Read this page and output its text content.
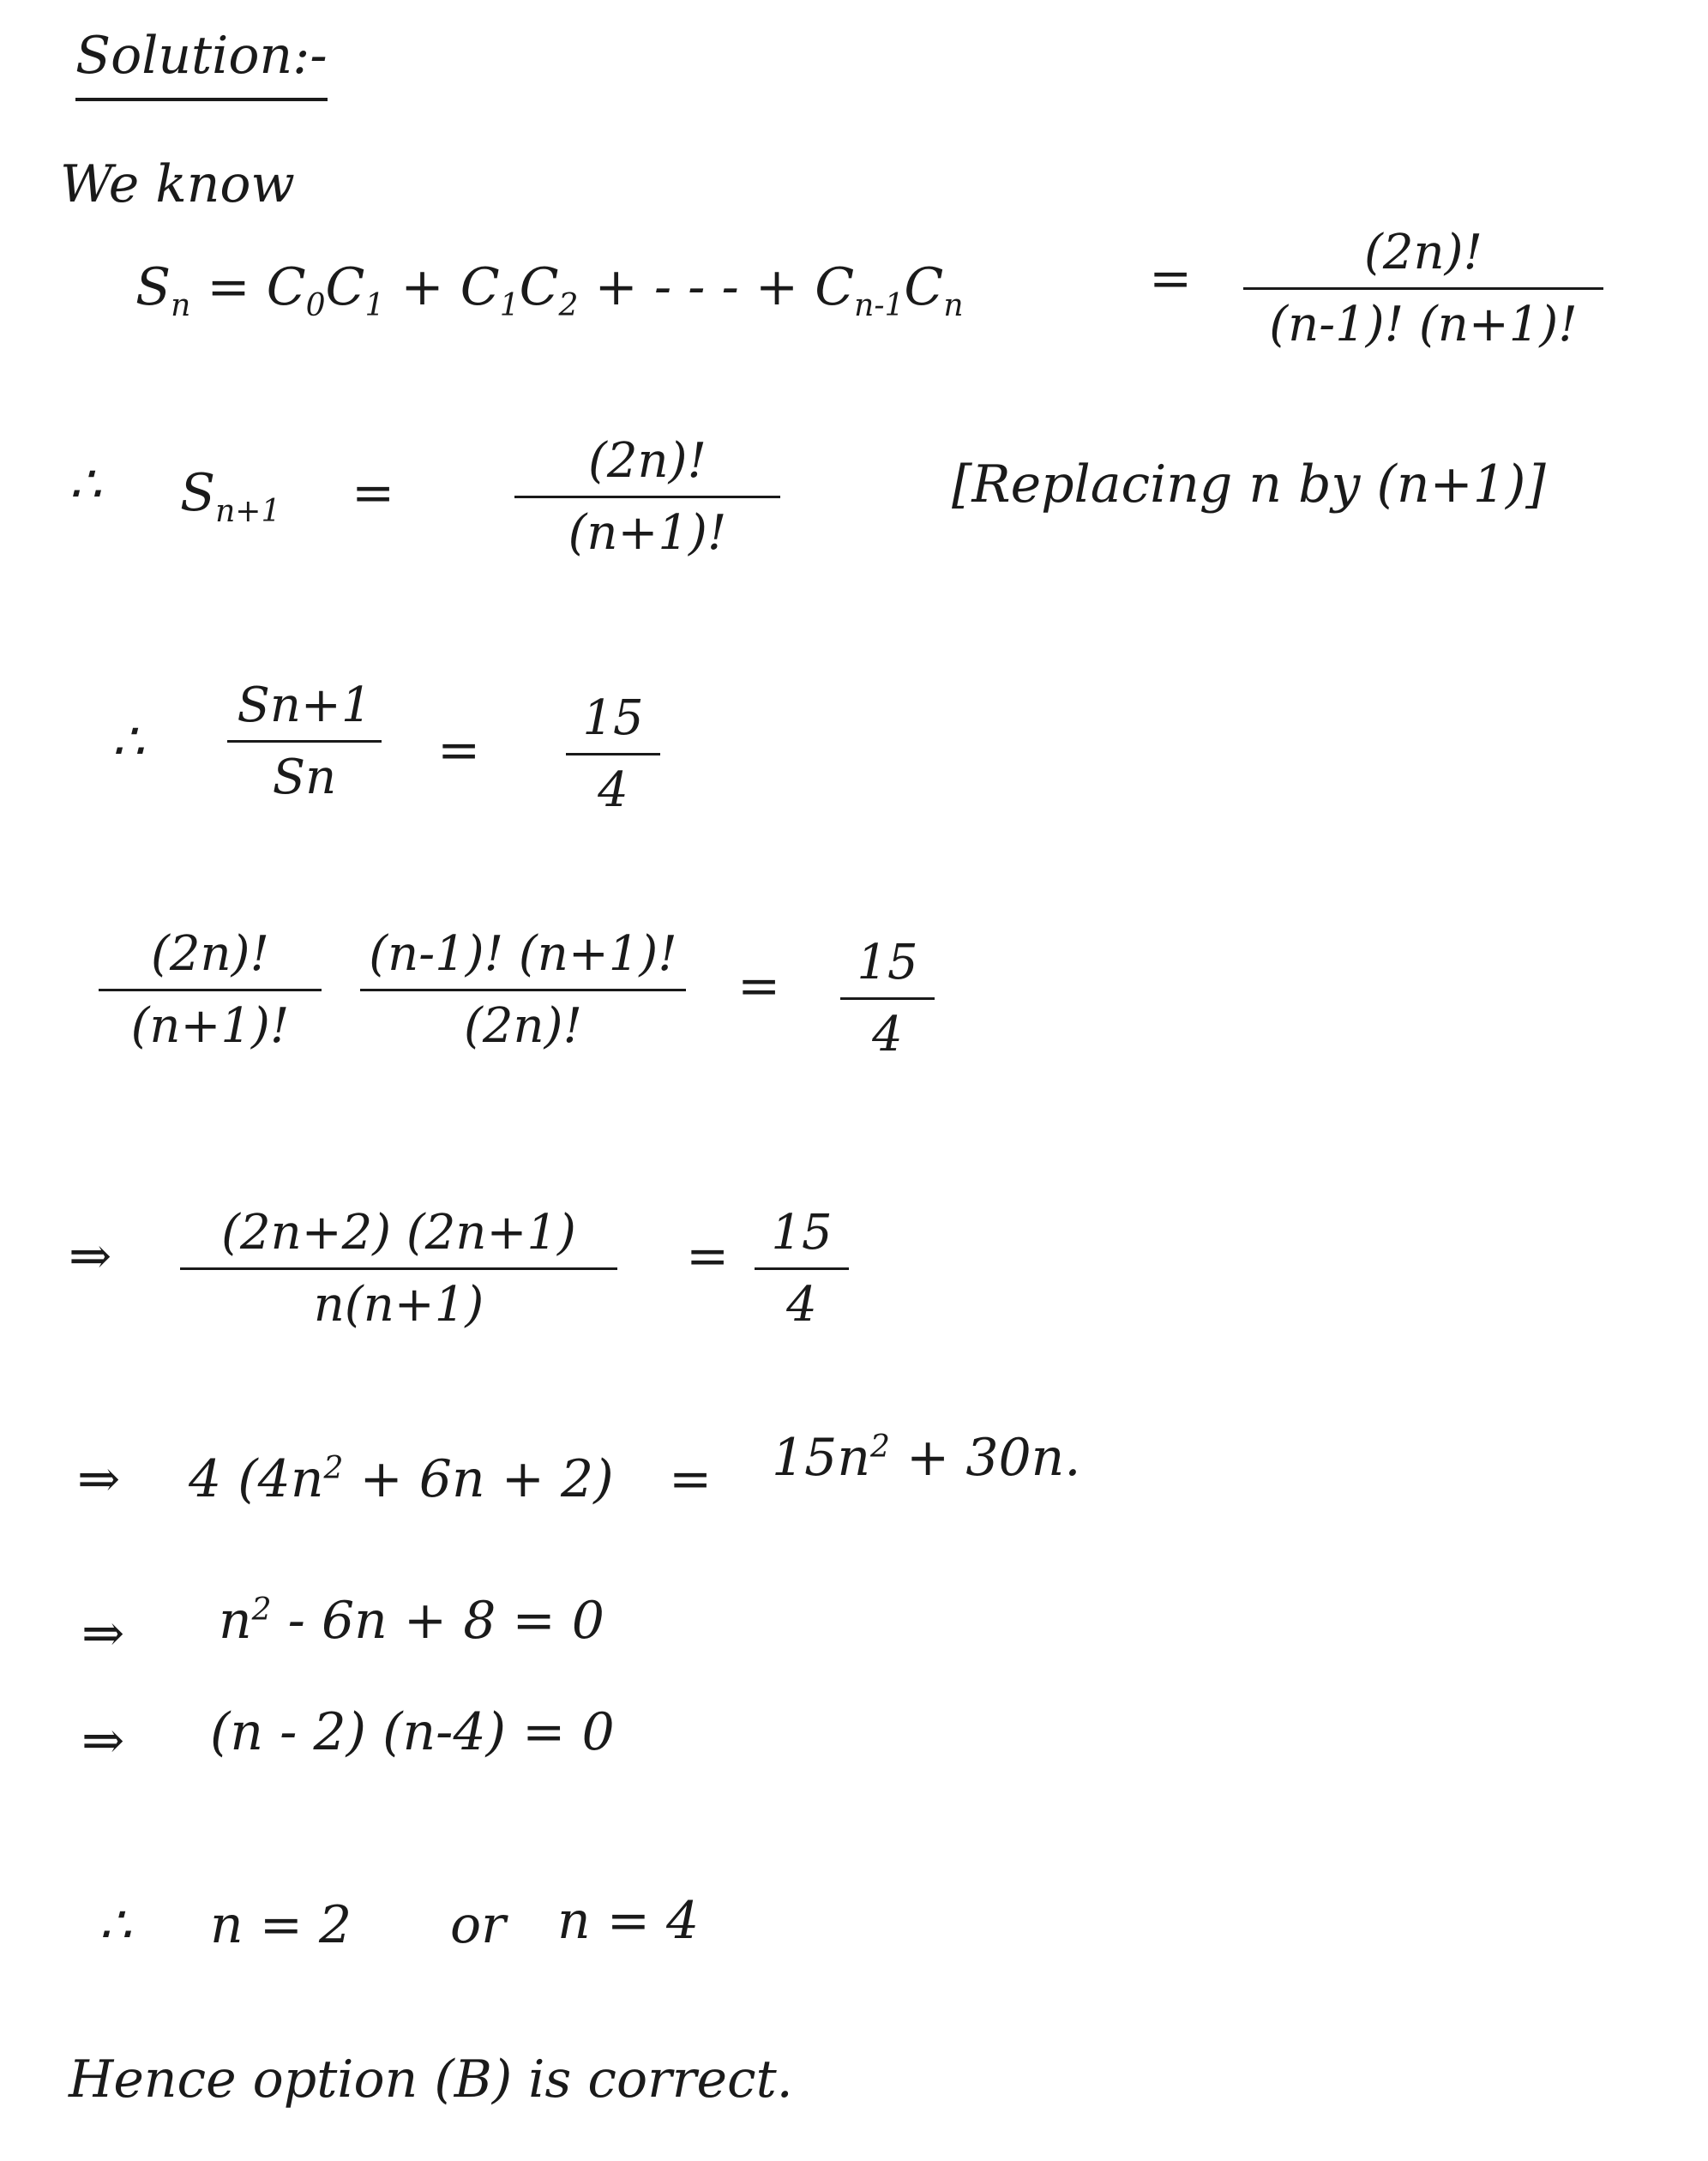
Solution:-
We know
$S_n = C_0C_1 + C_1C_2$ + - - - + $C_{n-1}C_n$	=	(2n)!
(n-1)! (n+1)!
∴ $S_{n+1}$ =
(2n)!
(n+1)!
[Replacing n by (n+1)]
∴
Sn+1
Sn =
15
4
(2n)!
(n+1)!
(n-1)! (n+1)!
(2n)!
= 15
4
⇒ (2n+2) (2n+1)
n(n+1)
= 15
4
⇒ 4 $(4n^2 + 6n + 2) = 15n^2 + 30n$.
⇒ $n^2 - 6n + 8 = 0$
⇒ (n - 2) (n-4) = 0
∴ n = 2 or n = 4
Hence option (B) is correct.
